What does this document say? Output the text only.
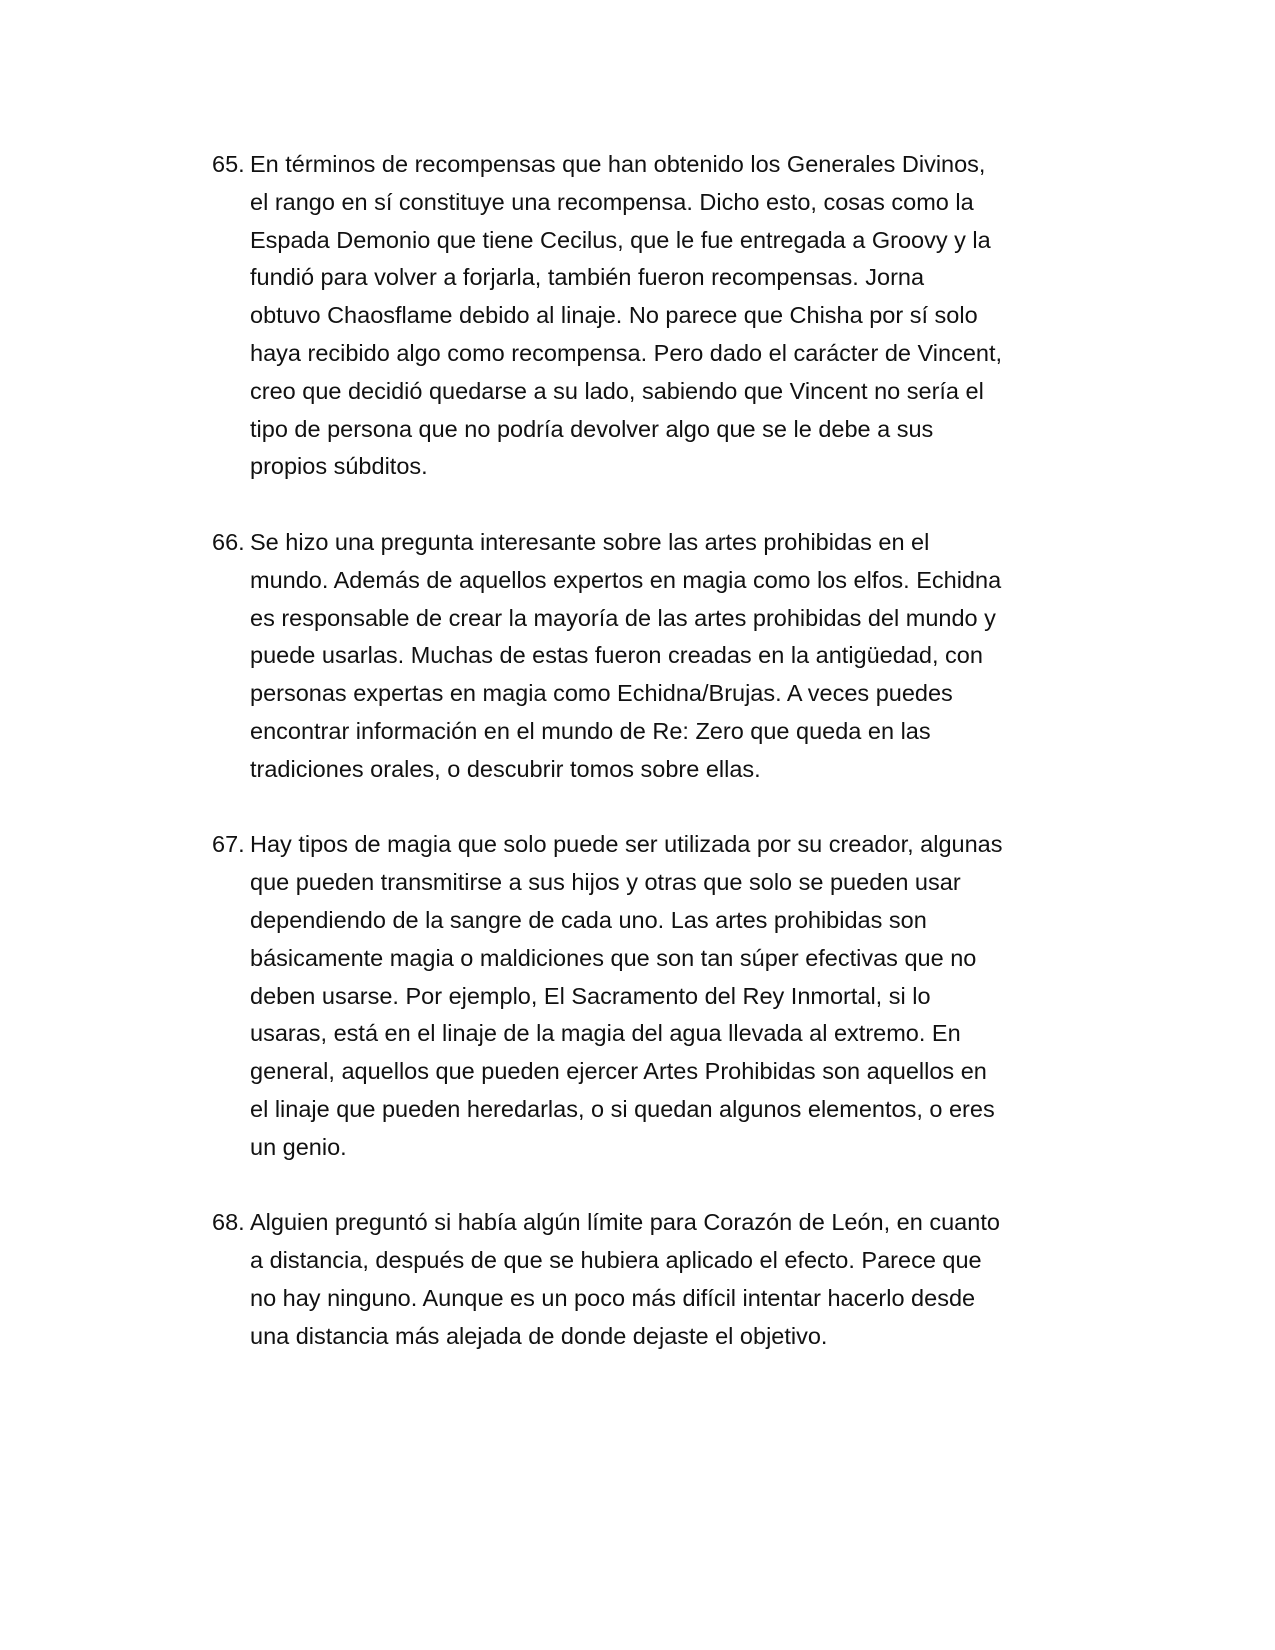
65. En términos de recompensas que han obtenido los Generales Divinos,
el rango en sí constituye una recompensa. Dicho esto, cosas como la
Espada Demonio que tiene Cecilus, que le fue entregada a Groovy y la
fundió para volver a forjarla, también fueron recompensas. Jorna
obtuvo Chaosflame debido al linaje. No parece que Chisha por sí solo
haya recibido algo como recompensa. Pero dado el carácter de Vincent,
creo que decidió quedarse a su lado, sabiendo que Vincent no sería el
tipo de persona que no podría devolver algo que se le debe a sus
propios súbditos.
66. Se hizo una pregunta interesante sobre las artes prohibidas en el
mundo. Además de aquellos expertos en magia como los elfos. Echidna
es responsable de crear la mayoría de las artes prohibidas del mundo y
puede usarlas. Muchas de estas fueron creadas en la antigüedad, con
personas expertas en magia como Echidna/Brujas. A veces puedes
encontrar información en el mundo de Re: Zero que queda en las
tradiciones orales, o descubrir tomos sobre ellas.
67. Hay tipos de magia que solo puede ser utilizada por su creador, algunas
que pueden transmitirse a sus hijos y otras que solo se pueden usar
dependiendo de la sangre de cada uno. Las artes prohibidas son
básicamente magia o maldiciones que son tan súper efectivas que no
deben usarse. Por ejemplo, El Sacramento del Rey Inmortal, si lo
usaras, está en el linaje de la magia del agua llevada al extremo. En
general, aquellos que pueden ejercer Artes Prohibidas son aquellos en
el linaje que pueden heredarlas, o si quedan algunos elementos, o eres
un genio.
68. Alguien preguntó si había algún límite para Corazón de León, en cuanto
a distancia, después de que se hubiera aplicado el efecto. Parece que
no hay ninguno. Aunque es un poco más difícil intentar hacerlo desde
una distancia más alejada de donde dejaste el objetivo.
